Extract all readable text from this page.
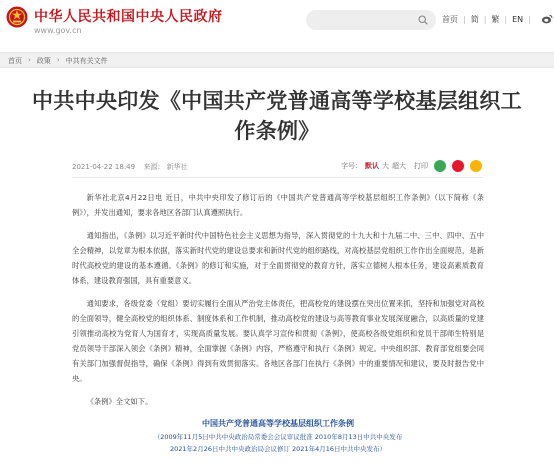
中华人民共和国中央人民政府
www.gov.cn
首页 | 简 | 繁 | EN |
首页 › 政策 › 中共有关文件
中共中央印发《中国共产党普通高等学校基层组织工作条例》
2021-04-22 18:49 来源： 新华社	字号： 默认 大 超大 打印

新华社北京4月22日电 近日，中共中央印发了修订后的《中国共产党普通高等学校基层组织工作条例》（以下简称《条例》），并发出通知，要求各地区各部门认真遵照执行。

通知指出，《条例》以习近平新时代中国特色社会主义思想为指导，深入贯彻党的十九大和十九届二中、三中、四中、五中全会精神，以党章为根本依据，落实新时代党的建设总要求和新时代党的组织路线，对高校基层党组织工作作出全面规范，是新时代高校党的建设的基本遵循。《条例》的修订和实施，对于全面贯彻党的教育方针，落实立德树人根本任务，建设高素质教育体系，建设教育强国，具有重要意义。

通知要求，各级党委（党组）要切实履行全面从严治党主体责任，把高校党的建设摆在突出位置来抓，坚持和加强党对高校的全面领导，健全高校党的组织体系、制度体系和工作机制，推动高校党的建设与高等教育事业发展深度融合，以高质量的党建引领推动高校为党育人为国育才，实现高质量发展。要认真学习宣传和贯彻《条例》，使高校各级党组织和党员干部师生特别是党员领导干部深入领会《条例》精神，全面掌握《条例》内容，严格遵守和执行《条例》规定。中央组织部、教育部党组要会同有关部门加强督促指导，确保《条例》得到有效贯彻落实。各地区各部门在执行《条例》中的重要情况和建议，要及时报告党中央。

《条例》全文如下。

中国共产党普通高等学校基层组织工作条例
（2009年11月5日中共中央政治局常委会会议审议批准 2010年8月13日中共中央发布
2021年2月26日中共中央政治局会议修订 2021年4月16日中共中央发布）
